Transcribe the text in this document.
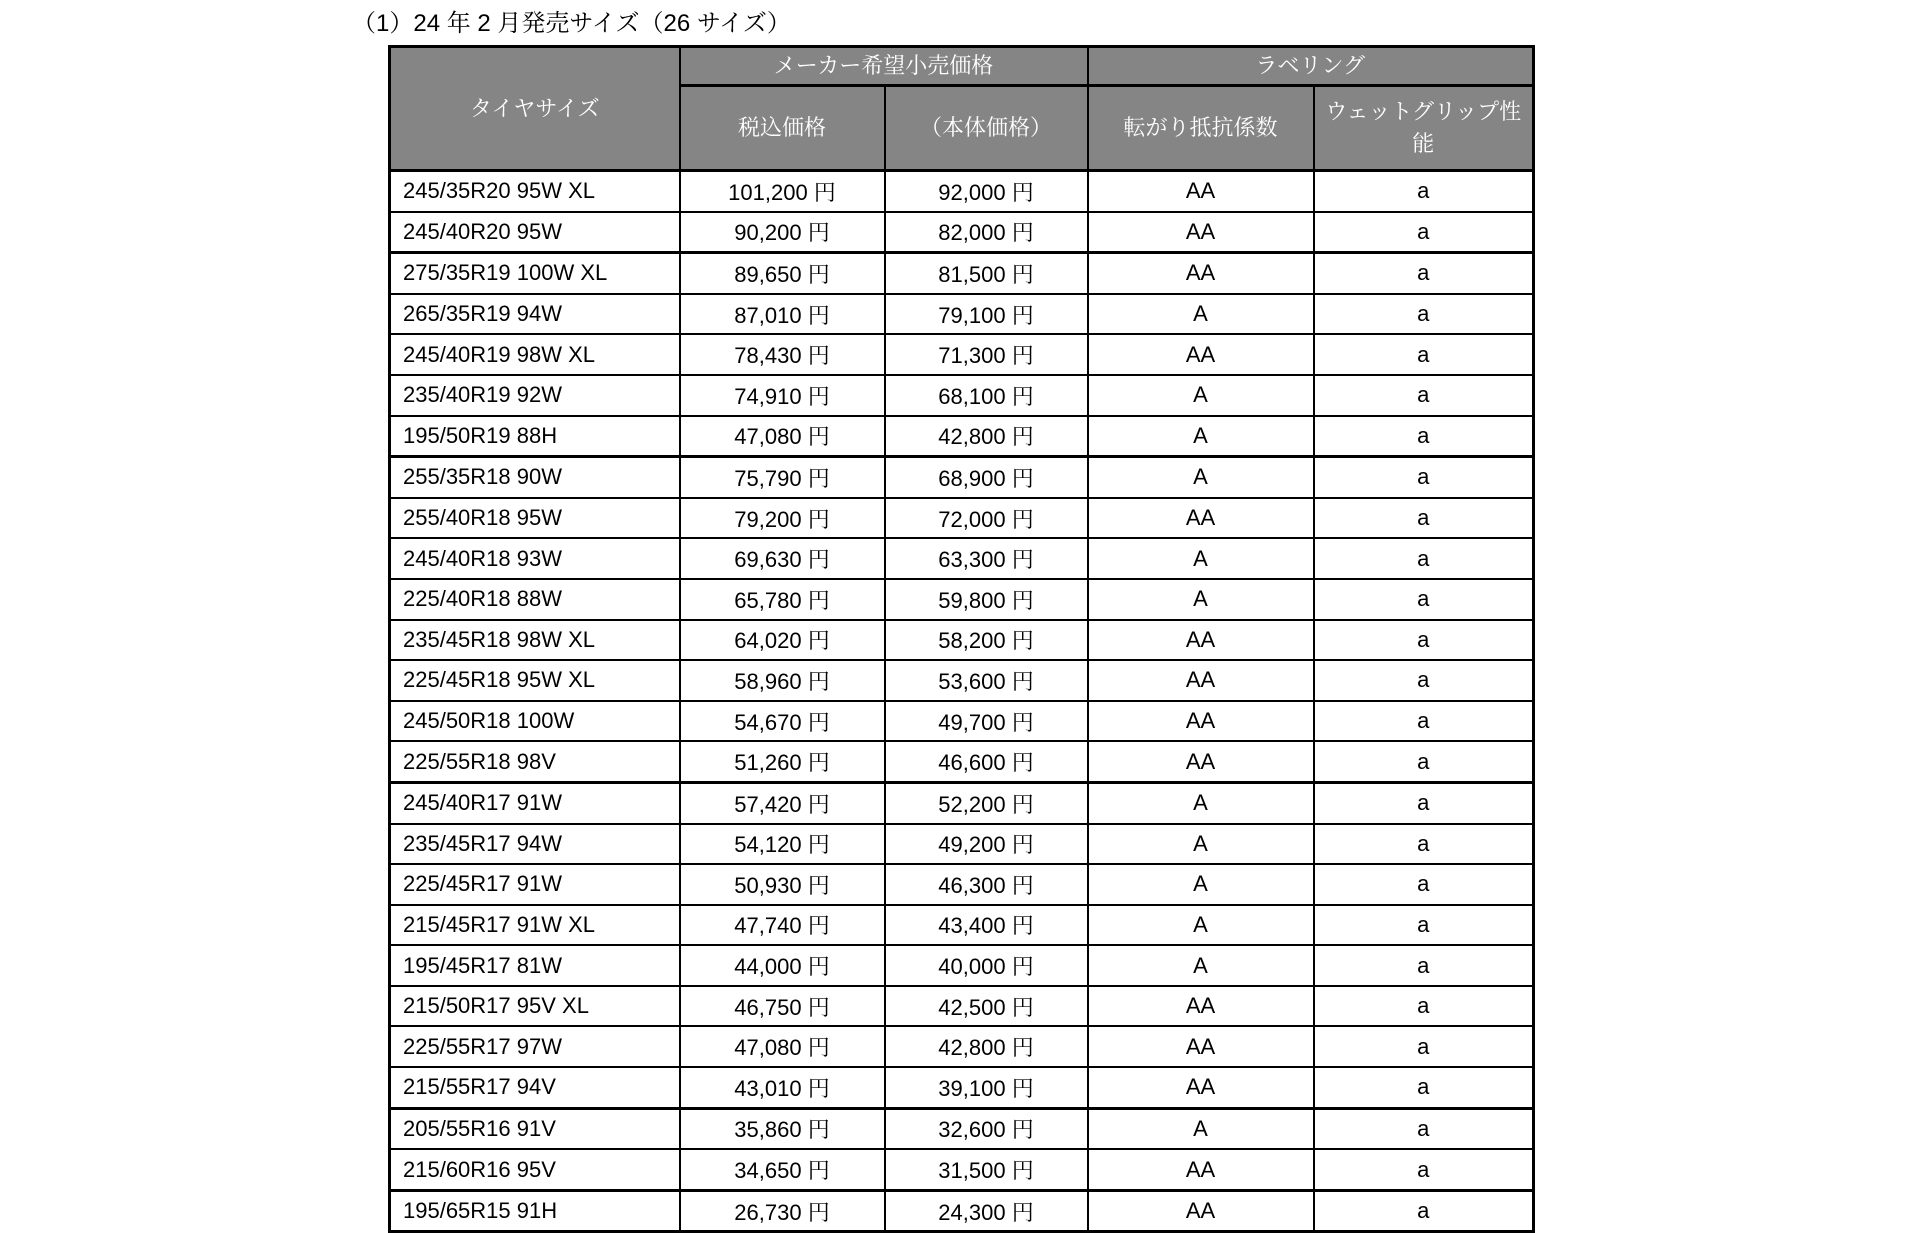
（1）24 年 2 月発売サイズ（26 サイズ）
タイヤサイズ	メーカー希望小売価格		ラベリング	
	税込価格	（本体価格）	転がり抵抗係数	ウェットグリップ性能
245/35R20 95W XL	101,200 円	92,000 円	AA	a
245/40R20 95W	90,200 円	82,000 円	AA	a
275/35R19 100W XL	89,650 円	81,500 円	AA	a
265/35R19 94W	87,010 円	79,100 円	A	a
245/40R19 98W XL	78,430 円	71,300 円	AA	a
235/40R19 92W	74,910 円	68,100 円	A	a
195/50R19 88H	47,080 円	42,800 円	A	a
255/35R18 90W	75,790 円	68,900 円	A	a
255/40R18 95W	79,200 円	72,000 円	AA	a
245/40R18 93W	69,630 円	63,300 円	A	a
225/40R18 88W	65,780 円	59,800 円	A	a
235/45R18 98W XL	64,020 円	58,200 円	AA	a
225/45R18 95W XL	58,960 円	53,600 円	AA	a
245/50R18 100W	54,670 円	49,700 円	AA	a
225/55R18 98V	51,260 円	46,600 円	AA	a
245/40R17 91W	57,420 円	52,200 円	A	a
235/45R17 94W	54,120 円	49,200 円	A	a
225/45R17 91W	50,930 円	46,300 円	A	a
215/45R17 91W XL	47,740 円	43,400 円	A	a
195/45R17 81W	44,000 円	40,000 円	A	a
215/50R17 95V XL	46,750 円	42,500 円	AA	a
225/55R17 97W	47,080 円	42,800 円	AA	a
215/55R17 94V	43,010 円	39,100 円	AA	a
205/55R16 91V	35,860 円	32,600 円	A	a
215/60R16 95V	34,650 円	31,500 円	AA	a
195/65R15 91H	26,730 円	24,300 円	AA	a
